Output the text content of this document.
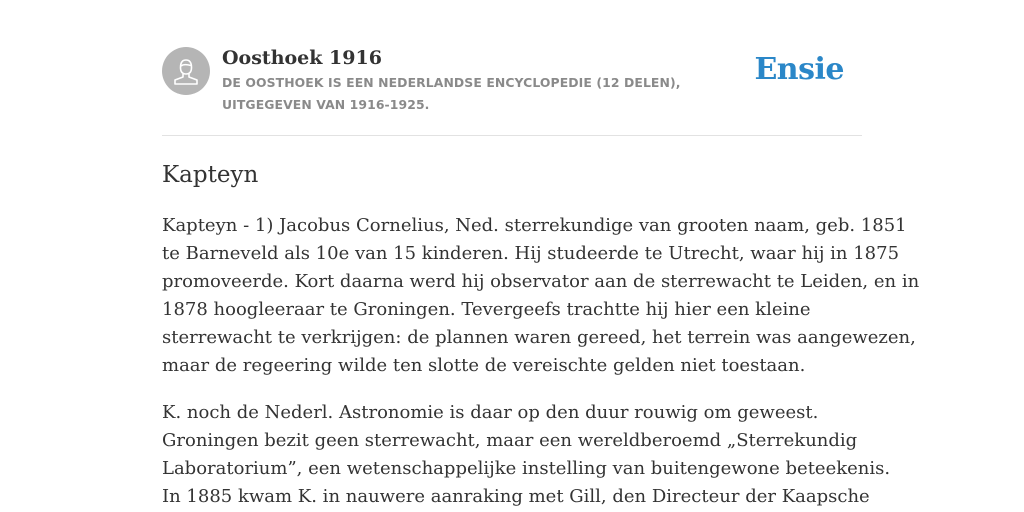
Oosthoek 1916

DE OOSTHOEK IS EEN NEDERLANDSE ENCYCLOPEDIE (12 DELEN), UITGEGEVEN VAN 1916-1925.

Ensie
Kapteyn

Kapteyn - 1) Jacobus Cornelius, Ned. sterrekundige van grooten naam, geb. 1851
te Barneveld als 10e van 15 kinderen. Hij studeerde te Utrecht, waar hij in 1875
promoveerde. Kort daarna werd hij observator aan de sterrewacht te Leiden, en in
1878 hoogleeraar te Groningen. Tevergeefs trachtte hij hier een kleine
sterrewacht te verkrijgen: de plannen waren gereed, het terrein was aangewezen,
maar de regeering wilde ten slotte de vereischte gelden niet toestaan.

K. noch de Nederl. Astronomie is daar op den duur rouwig om geweest.
Groningen bezit geen sterrewacht, maar een wereldberoemd „Sterrekundig
Laboratorium”, een wetenschappelijke instelling van buitengewone beteekenis.
In 1885 kwam K. in nauwere aanraking met Gill, den Directeur der Kaapsche
